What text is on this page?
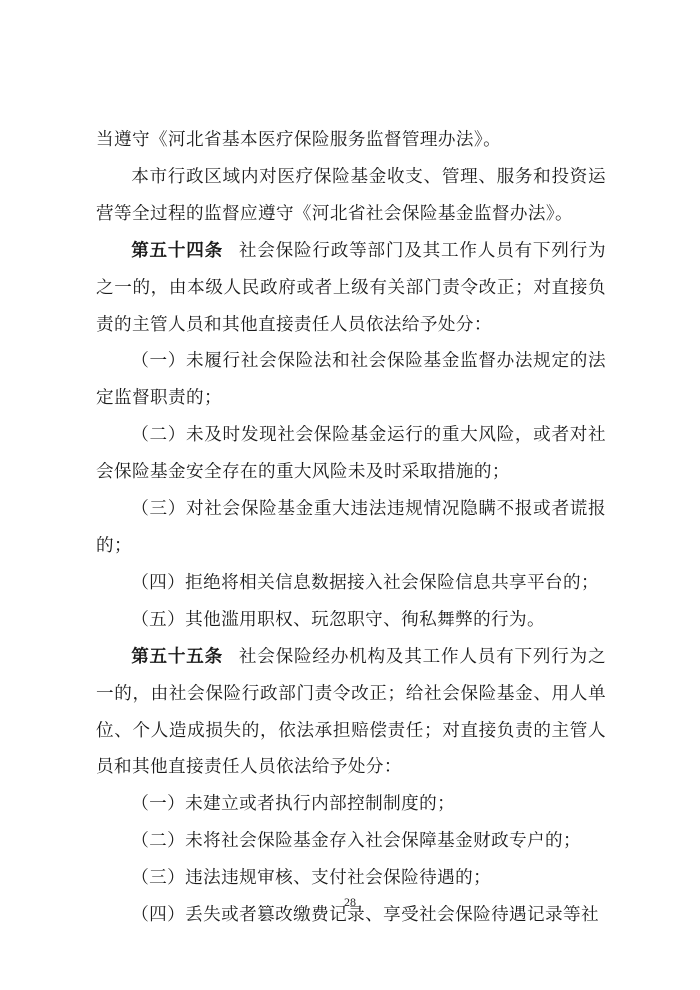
当遵守《河北省基本医疗保险服务监督管理办法》。

本市行政区域内对医疗保险基金收支、管理、服务和投资运营等全过程的监督应遵守《河北省社会保险基金监督办法》。

第五十四条 社会保险行政等部门及其工作人员有下列行为之一的，由本级人民政府或者上级有关部门责令改正；对直接负责的主管人员和其他直接责任人员依法给予处分：

（一）未履行社会保险法和社会保险基金监督办法规定的法定监督职责的；

（二）未及时发现社会保险基金运行的重大风险，或者对社会保险基金安全存在的重大风险未及时采取措施的；

（三）对社会保险基金重大违法违规情况隐瞒不报或者谎报的；

（四）拒绝将相关信息数据接入社会保险信息共享平台的；

（五）其他滥用职权、玩忽职守、徇私舞弊的行为。

第五十五条 社会保险经办机构及其工作人员有下列行为之一的，由社会保险行政部门责令改正；给社会保险基金、用人单位、个人造成损失的，依法承担赔偿责任；对直接负责的主管人员和其他直接责任人员依法给予处分：

（一）未建立或者执行内部控制制度的；

（二）未将社会保险基金存入社会保障基金财政专户的；

（三）违法违规审核、支付社会保险待遇的；

（四）丢失或者篡改缴费记录、享受社会保险待遇记录等社

28
